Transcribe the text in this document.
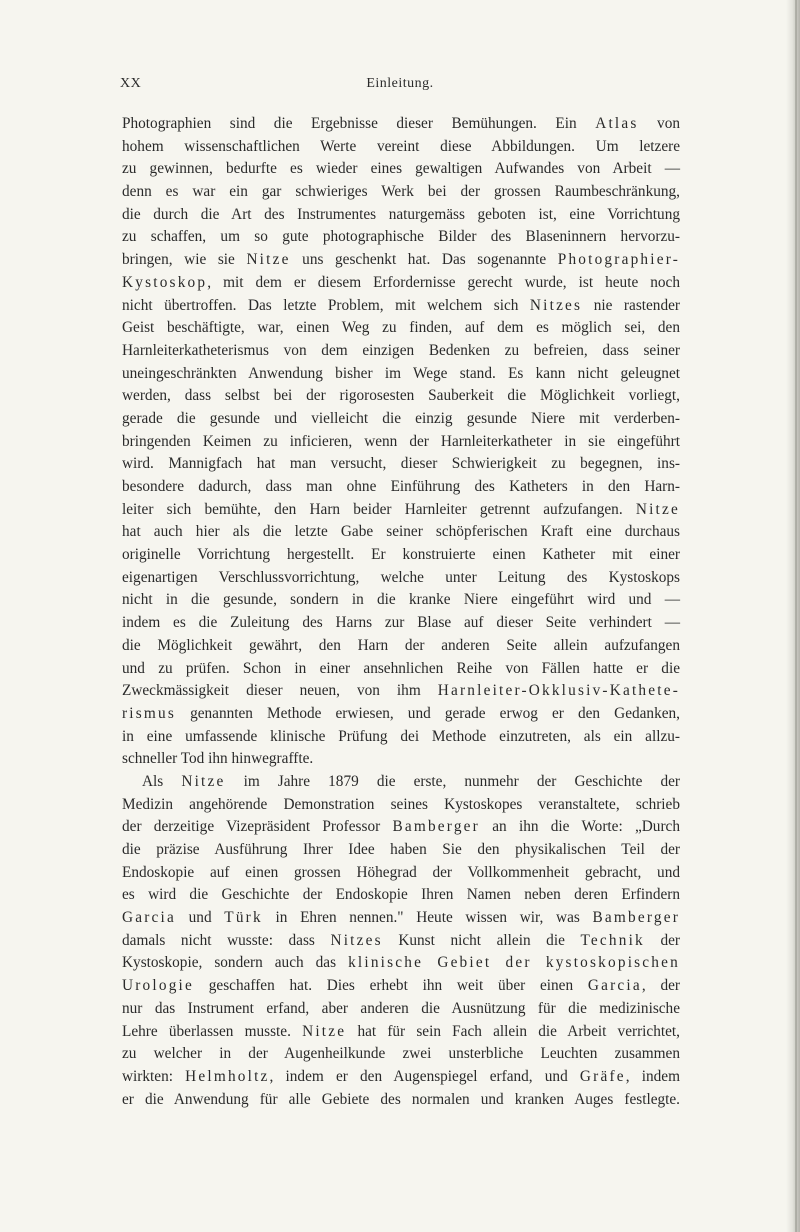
XX	Einleitung.
Photographien sind die Ergebnisse dieser Bemühungen. Ein Atlas von
hohem wissenschaftlichen Werte vereint diese Abbildungen. Um letzere
zu gewinnen, bedurfte es wieder eines gewaltigen Aufwandes von Arbeit —
denn es war ein gar schwieriges Werk bei der grossen Raumbeschränkung,
die durch die Art des Instrumentes naturgemäss geboten ist, eine Vorrichtung
zu schaffen, um so gute photographische Bilder des Blaseninnern hervorzu-
bringen, wie sie Nitze uns geschenkt hat. Das sogenannte Photographier-
Kystoskop, mit dem er diesem Erfordernisse gerecht wurde, ist heute noch
nicht übertroffen. Das letzte Problem, mit welchem sich Nitzes nie rastender
Geist beschäftigte, war, einen Weg zu finden, auf dem es möglich sei, den
Harnleiterkatheterismus von dem einzigen Bedenken zu befreien, dass seiner
uneingeschränkten Anwendung bisher im Wege stand. Es kann nicht geleugnet
werden, dass selbst bei der rigorosesten Sauberkeit die Möglichkeit vorliegt,
gerade die gesunde und vielleicht die einzig gesunde Niere mit verderben-
bringenden Keimen zu inficieren, wenn der Harnleiterkatheter in sie eingeführt
wird. Mannigfach hat man versucht, dieser Schwierigkeit zu begegnen, ins-
besondere dadurch, dass man ohne Einführung des Katheters in den Harn-
leiter sich bemühte, den Harn beider Harnleiter getrennt aufzufangen. Nitze
hat auch hier als die letzte Gabe seiner schöpferischen Kraft eine durchaus
originelle Vorrichtung hergestellt. Er konstruierte einen Katheter mit einer
eigenartigen Verschlussvorrichtung, welche unter Leitung des Kystoskops
nicht in die gesunde, sondern in die kranke Niere eingeführt wird und —
indem es die Zuleitung des Harns zur Blase auf dieser Seite verhindert —
die Möglichkeit gewährt, den Harn der anderen Seite allein aufzufangen
und zu prüfen. Schon in einer ansehnlichen Reihe von Fällen hatte er die
Zweckmässigkeit dieser neuen, von ihm Harnleiter-Okklusiv-Kathete-
rismus genannten Methode erwiesen, und gerade erwog er den Gedanken,
in eine umfassende klinische Prüfung dei Methode einzutreten, als ein allzu-
schneller Tod ihn hinwegraffte.
Als Nitze im Jahre 1879 die erste, nunmehr der Geschichte der
Medizin angehörende Demonstration seines Kystoskopes veranstaltete, schrieb
der derzeitige Vizepräsident Professor Bamberger an ihn die Worte: „Durch
die präzise Ausführung Ihrer Idee haben Sie den physikalischen Teil der
Endoskopie auf einen grossen Höhegrad der Vollkommenheit gebracht, und
es wird die Geschichte der Endoskopie Ihren Namen neben deren Erfindern
Garcia und Türk in Ehren nennen." Heute wissen wir, was Bamberger
damals nicht wusste: dass Nitzes Kunst nicht allein die Technik der
Kystoskopie, sondern auch das klinische Gebiet der kystoskopischen
Urologie geschaffen hat. Dies erhebt ihn weit über einen Garcia, der
nur das Instrument erfand, aber anderen die Ausnützung für die medizinische
Lehre überlassen musste. Nitze hat für sein Fach allein die Arbeit verrichtet,
zu welcher in der Augenheilkunde zwei unsterbliche Leuchten zusammen
wirkten: Helmholtz, indem er den Augenspiegel erfand, und Gräfe, indem
er die Anwendung für alle Gebiete des normalen und kranken Auges festlegte.
